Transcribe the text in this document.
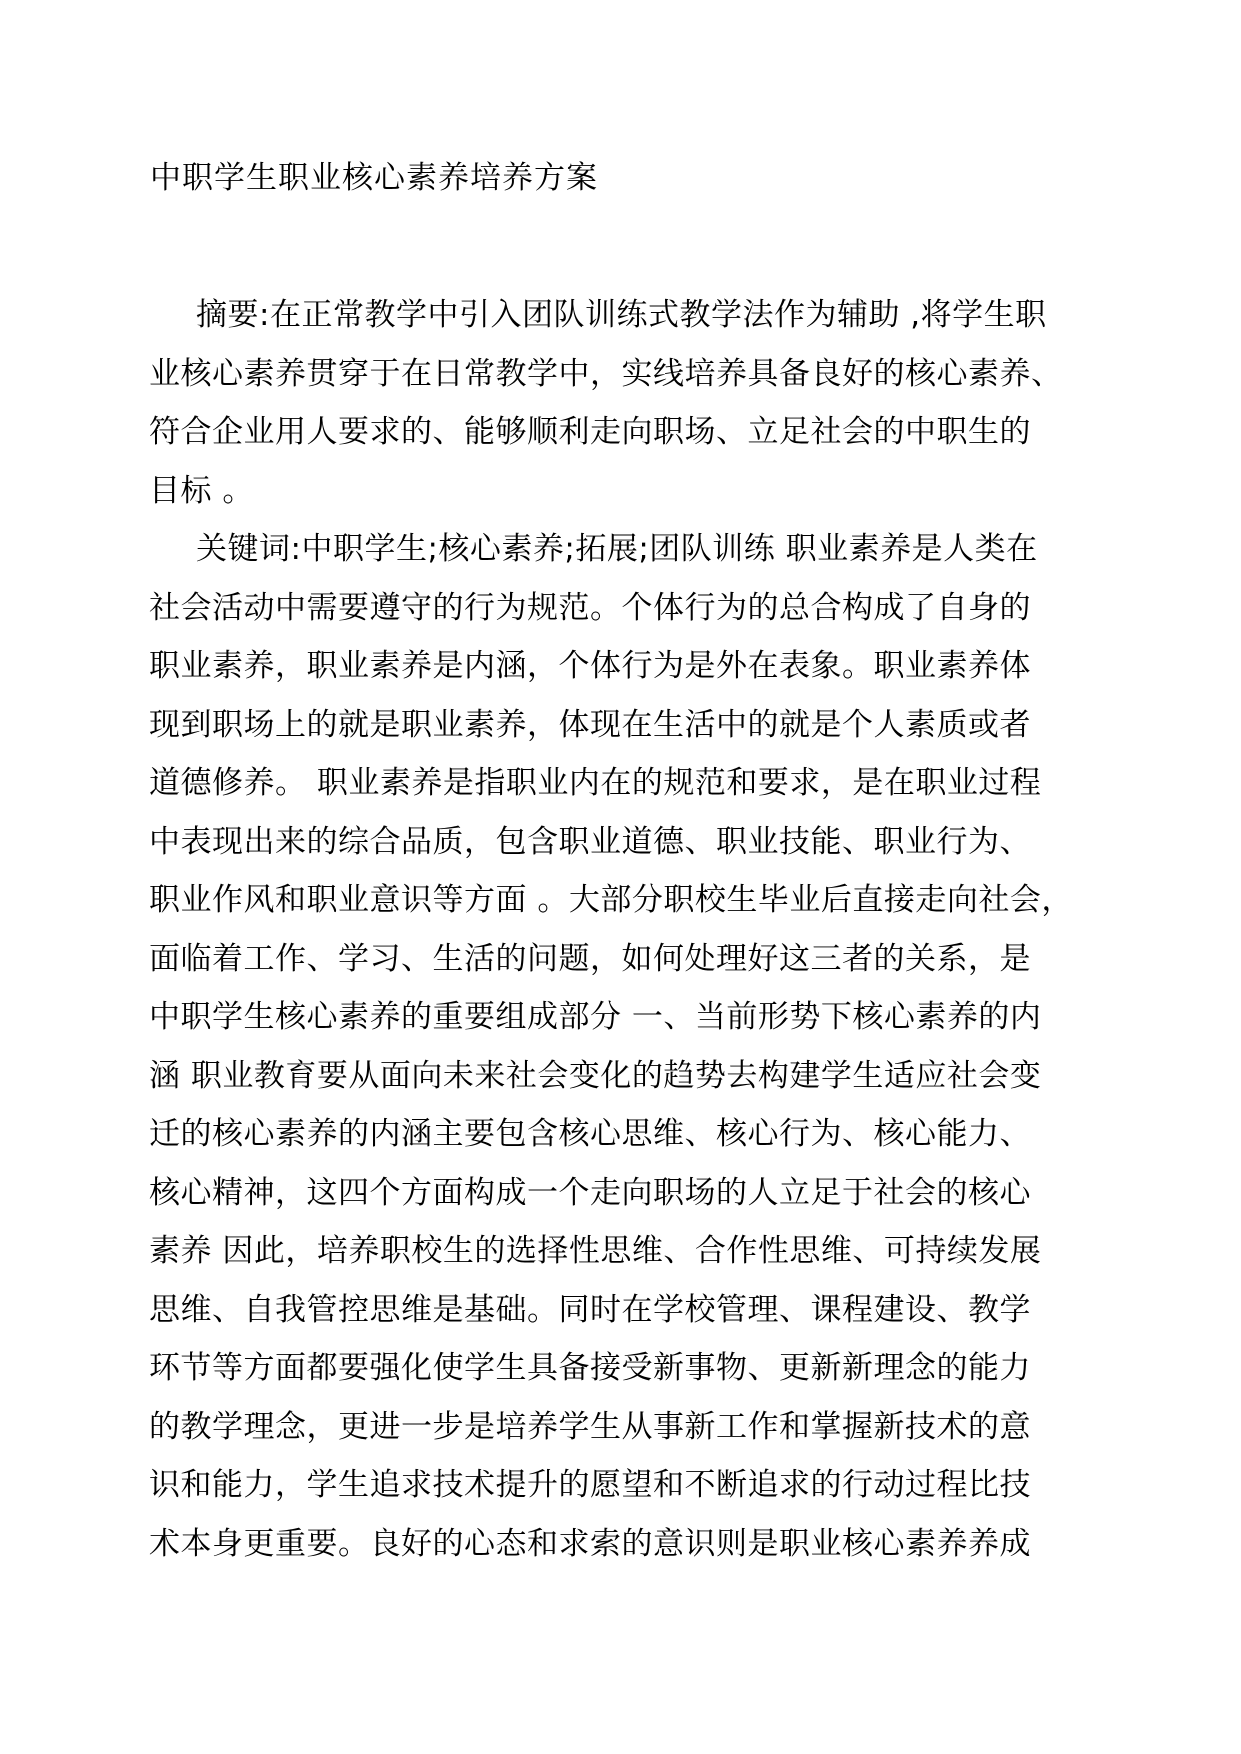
中职学生职业核心素养培养方案

摘要:在正常教学中引入团队训练式教学法作为辅助 ,将学生职

业核心素养贯穿于在日常教学中，实线培养具备良好的核心素养、

符合企业用人要求的、能够顺利走向职场、立足社会的中职生的

目标 。

关键词:中职学生;核心素养;拓展;团队训练 职业素养是人类在

社会活动中需要遵守的行为规范。个体行为的总合构成了自身的

职业素养，职业素养是内涵，个体行为是外在表象。职业素养体

现到职场上的就是职业素养，体现在生活中的就是个人素质或者

道德修养。 职业素养是指职业内在的规范和要求，是在职业过程

中表现出来的综合品质，包含职业道德、职业技能、职业行为、

职业作风和职业意识等方面 。大部分职校生毕业后直接走向社会，

面临着工作、学习、生活的问题，如何处理好这三者的关系，是

中职学生核心素养的重要组成部分 一、当前形势下核心素养的内

涵 职业教育要从面向未来社会变化的趋势去构建学生适应社会变

迁的核心素养的内涵主要包含核心思维、核心行为、核心能力、

核心精神，这四个方面构成一个走向职场的人立足于社会的核心

素养 因此，培养职校生的选择性思维、合作性思维、可持续发展

思维、自我管控思维是基础。同时在学校管理、课程建设、教学

环节等方面都要强化使学生具备接受新事物、更新新理念的能力

的教学理念，更进一步是培养学生从事新工作和掌握新技术的意

识和能力，学生追求技术提升的愿望和不断追求的行动过程比技

术本身更重要。良好的心态和求索的意识则是职业核心素养养成
